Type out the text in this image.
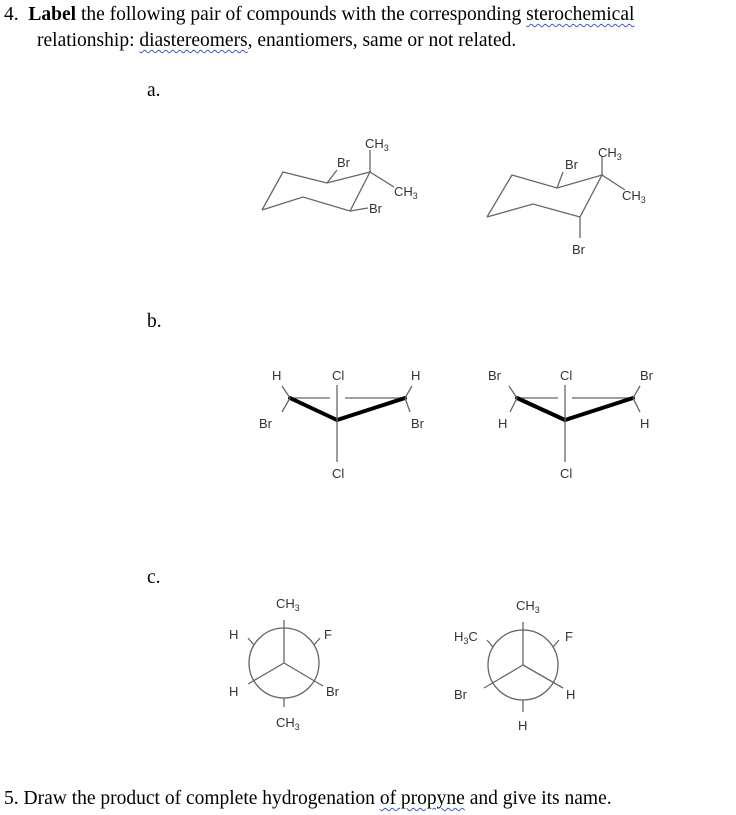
4. Label the following pair of compounds with the corresponding sterochemical
relationship: diastereomers, enantiomers, same or not related.
a.
b.
c.
5. Draw the product of complete hydrogenation of propyne and give its name.
Br
$CH_3$
$CH_3$
Br
Br
$CH_3$
$CH_3$
Br
H	Cl	H
Br	Br
Cl
Br	Cl	Br
H	H
Cl
$CH_3$
H	F
H	Br
$CH_3$
$CH_3$
$H_3C$	F
Br	H
H
